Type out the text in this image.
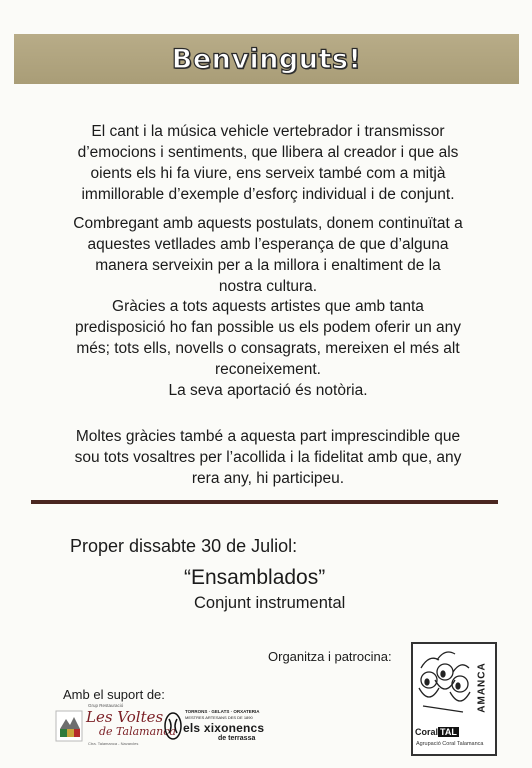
Benvinguts!

El cant i la música vehicle vertebrador i transmissor
d’emocions i sentiments, que llibera al creador i que als
oients els hi fa viure, ens serveix també com a mitjà
immillorable d’exemple d’esforç individual i de conjunt.

Combregant amb aquests postulats, donem continuïtat a
aquestes vetllades amb l’esperança de que d’alguna
manera serveixin per a la millora i enaltiment de la
nostra cultura.

Gràcies a tots aquests artistes que amb tanta
predisposició ho fan possible us els podem oferir un any
més; tots ells, novells o consagrats, mereixen el més alt
reconeixement.
La seva aportació és notòria.

Moltes gràcies també a aquesta part imprescindible que
sou tots vosaltres per l’acollida i la fidelitat amb que, any
rera any, hi participeu.

Proper dissabte 30 de Juliol:

“Ensamblados”

Conjunt instrumental

Organitza i patrocina:

AMANCA
Coral TAL
Agrupació Coral Talamanca

Amb el suport de:

Grup Restauració
Les Voltes
de Talamanca
Ctra. Talamanca - Navarcles
TORRONS · GELATS · ORXATERIA
MESTRES ARTESANS DES DE 1890
els xixonencs
de terrassa
